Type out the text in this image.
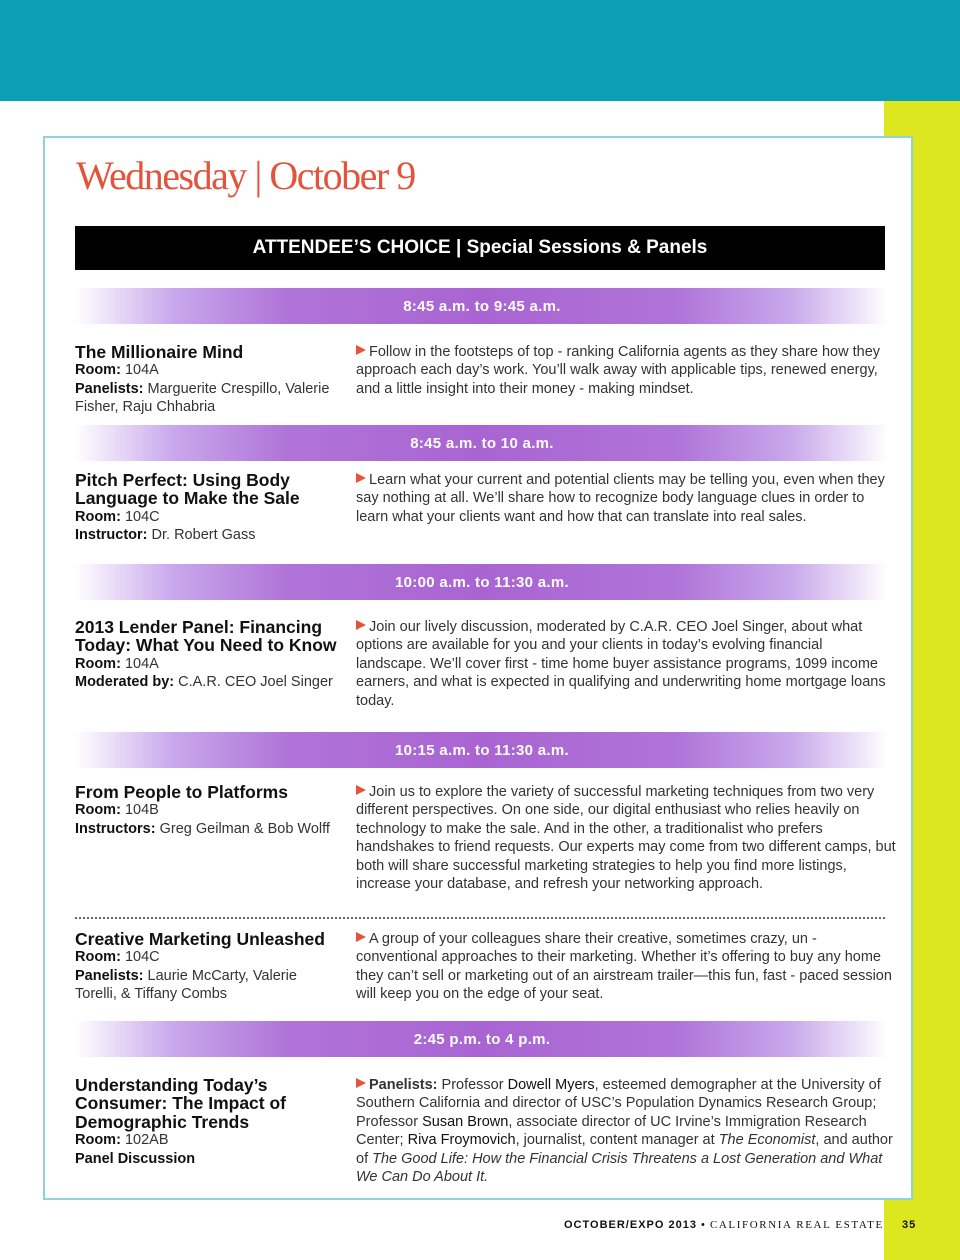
Wednesday | October 9
ATTENDEE’S CHOICE | Special Sessions & Panels
8:45 a.m. to 9:45 a.m.
8:45 a.m. to 10 a.m.
10:00 a.m. to 11:30 a.m.
10:15 a.m. to 11:30 a.m.
2:45 p.m. to 4 p.m.
The Millionaire Mind
Room: 104A
Panelists: Marguerite Crespillo, Valerie Fisher, Raju Chhabria
Follow in the footsteps of top - ranking California agents as they share how they approach each day’s work. You’ll walk away with applicable tips, renewed energy, and a little insight into their money - making mindset.
Pitch Perfect: Using Body Language to Make the Sale
Room: 104C
Instructor: Dr. Robert Gass
Learn what your current and potential clients may be telling you, even when they say nothing at all. We’ll share how to recognize body language clues in order to learn what your clients want and how that can translate into real sales.
2013 Lender Panel: Financing Today: What You Need to Know
Room: 104A
Moderated by: C.A.R. CEO Joel Singer
Join our lively discussion, moderated by C.A.R. CEO Joel Singer, about what options are available for you and your clients in today’s evolving financial landscape. We’ll cover first - time home buyer assistance programs, 1099 income earners, and what is expected in qualifying and underwriting home mortgage loans today.
From People to Platforms
Room: 104B
Instructors: Greg Geilman & Bob Wolff
Join us to explore the variety of successful marketing techniques from two very different perspectives. On one side, our digital enthusiast who relies heavily on technology to make the sale. And in the other, a traditionalist who prefers handshakes to friend requests. Our experts may come from two different camps, but both will share successful marketing strategies to help you find more listings, increase your database, and refresh your networking approach.
Creative Marketing Unleashed
Room: 104C
Panelists: Laurie McCarty, Valerie Torelli, & Tiffany Combs
A group of your colleagues share their creative, sometimes crazy, un - conventional approaches to their marketing. Whether it’s offering to buy any home they can’t sell or marketing out of an airstream trailer—this fun, fast - paced session will keep you on the edge of your seat.
Understanding Today’s Consumer: The Impact of Demographic Trends
Room: 102AB
Panel Discussion
Panelists: Professor Dowell Myers, esteemed demographer at the University of Southern California and director of USC’s Population Dynamics Research Group; Professor Susan Brown, associate director of UC Irvine’s Immigration Research Center; Riva Froymovich, journalist, content manager at The Economist, and author of The Good Life: How the Financial Crisis Threatens a Lost Generation and What We Can Do About It.
OCTOBER/EXPO 2013 • CALIFORNIA REAL ESTATE 35
